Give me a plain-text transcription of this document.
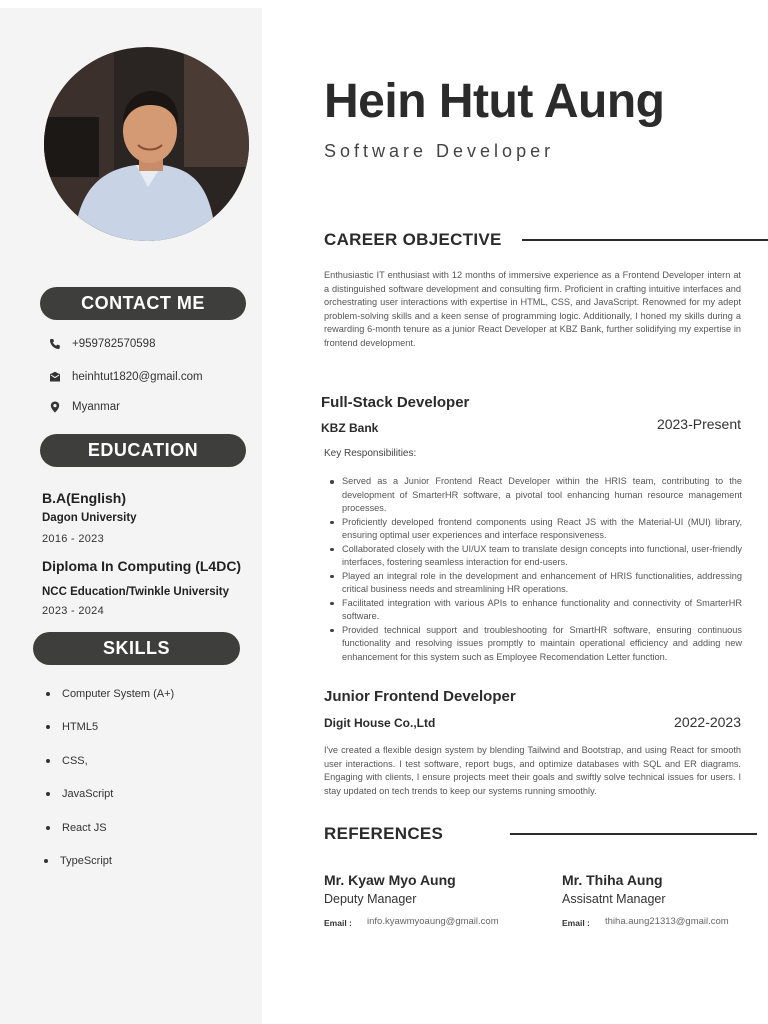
CONTACT ME
+959782570598
heinhtut1820@gmail.com
Myanmar
EDUCATION
B.A(English)
Dagon University
2016 - 2023
Diploma In Computing (L4DC)
NCC Education/Twinkle University
2023 - 2024
SKILLS
Computer System (A+)
HTML5
CSS,
JavaScript
React JS
TypeScript
Hein Htut Aung
Software Developer
CAREER OBJECTIVE
Enthusiastic IT enthusiast with 12 months of immersive experience as a Frontend Developer intern at a distinguished software development and consulting firm. Proficient in crafting intuitive interfaces and orchestrating user interactions with expertise in HTML, CSS, and JavaScript. Renowned for my adept problem-solving skills and a keen sense of programming logic. Additionally, I honed my skills during a rewarding 6-month tenure as a junior React Developer at KBZ Bank, further solidifying my expertise in frontend development.
Full-Stack Developer
KBZ Bank	2023-Present
Key Responsibilities:
Served as a Junior Frontend React Developer within the HRIS team, contributing to the development of SmarterHR software, a pivotal tool enhancing human resource management processes.
Proficiently developed frontend components using React JS with the Material-UI (MUI) library, ensuring optimal user experiences and interface responsiveness.
Collaborated closely with the UI/UX team to translate design concepts into functional, user-friendly interfaces, fostering seamless interaction for end-users.
Played an integral role in the development and enhancement of HRIS functionalities, addressing critical business needs and streamlining HR operations.
Facilitated integration with various APIs to enhance functionality and connectivity of SmarterHR software.
Provided technical support and troubleshooting for SmartHR software, ensuring continuous functionality and resolving issues promptly to maintain operational efficiency and adding new enhancement for this system such as Employee Recomendation Letter function.
Junior Frontend Developer
Digit House Co.,Ltd	2022-2023
I've created a flexible design system by blending Tailwind and Bootstrap, and using React for smooth user interactions. I test software, report bugs, and optimize databases with SQL and ER diagrams. Engaging with clients, I ensure projects meet their goals and swiftly solve technical issues for users. I stay updated on tech trends to keep our systems running smoothly.
REFERENCES
Mr. Kyaw Myo Aung
Deputy Manager
Email : info.kyawmyoaung@gmail.com
Mr. Thiha Aung
Assisatnt Manager
Email : thiha.aung21313@gmail.com
